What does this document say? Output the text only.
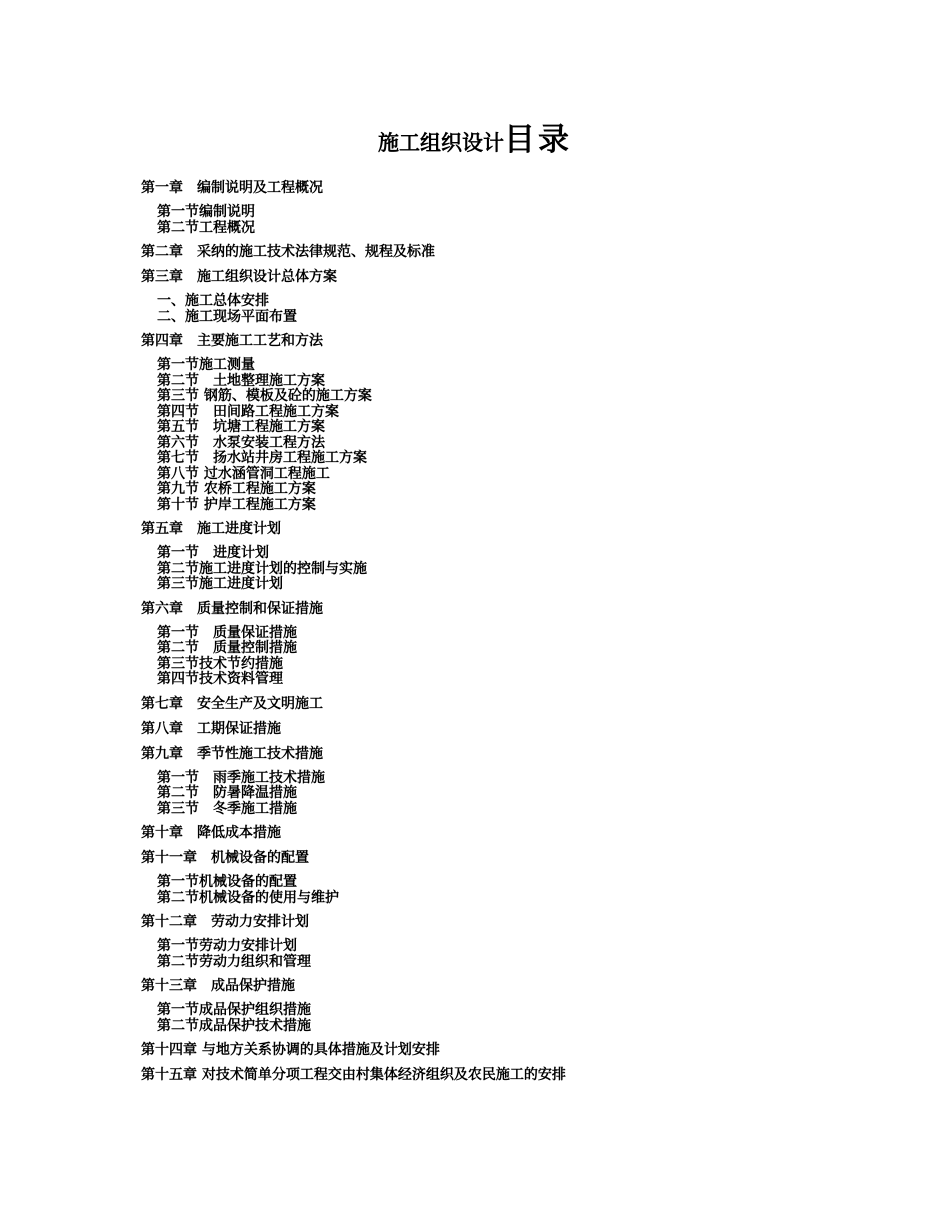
施工组织设计目录
第一章　编制说明及工程概况
第一节编制说明
第二节工程概况
第二章　采纳的施工技术法律规范、规程及标准
第三章　施工组织设计总体方案
一、施工总体安排
二、施工现场平面布置
第四章　主要施工工艺和方法
第一节施工测量
第二节　土地整理施工方案
第三节 钢筋、模板及砼的施工方案
第四节　田间路工程施工方案
第五节　坑塘工程施工方案
第六节　水泵安装工程方法
第七节　扬水站井房工程施工方案
第八节 过水涵管洞工程施工
第九节 农桥工程施工方案
第十节 护岸工程施工方案
第五章　施工进度计划
第一节　进度计划
第二节施工进度计划的控制与实施
第三节施工进度计划
第六章　质量控制和保证措施
第一节　质量保证措施
第二节　质量控制措施
第三节技术节约措施
第四节技术资料管理
第七章　安全生产及文明施工
第八章　工期保证措施
第九章　季节性施工技术措施
第一节　雨季施工技术措施
第二节　防暑降温措施
第三节　冬季施工措施
第十章　降低成本措施
第十一章　机械设备的配置
第一节机械设备的配置
第二节机械设备的使用与维护
第十二章　劳动力安排计划
第一节劳动力安排计划
第二节劳动力组织和管理
第十三章　成品保护措施
第一节成品保护组织措施
第二节成品保护技术措施
第十四章 与地方关系协调的具体措施及计划安排
第十五章 对技术简单分项工程交由村集体经济组织及农民施工的安排
